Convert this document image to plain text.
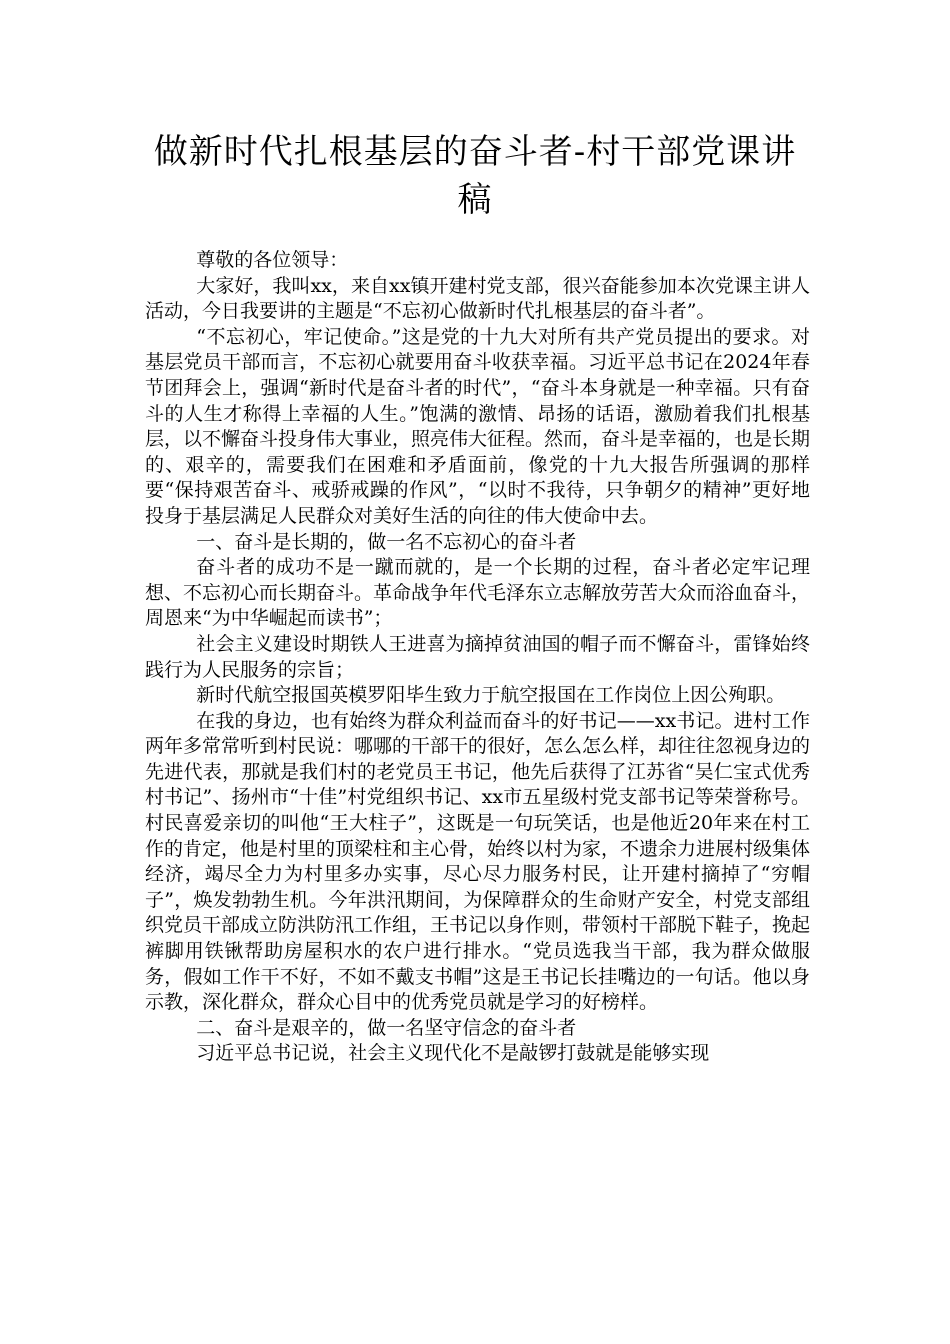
做新时代扎根基层的奋斗者-村干部党课讲稿

尊敬的各位领导：

大家好，我叫xx，来自xx镇开建村党支部，很兴奋能参加本次党课主讲人活动，今日我要讲的主题是“不忘初心做新时代扎根基层的奋斗者”。

“不忘初心，牢记使命。”这是党的十九大对所有共产党员提出的要求。对基层党员干部而言，不忘初心就要用奋斗收获幸福。习近平总书记在2024年春节团拜会上，强调“新时代是奋斗者的时代”，“奋斗本身就是一种幸福。只有奋斗的人生才称得上幸福的人生。”饱满的激情、昂扬的话语，激励着我们扎根基层，以不懈奋斗投身伟大事业，照亮伟大征程。然而，奋斗是幸福的，也是长期的、艰辛的，需要我们在困难和矛盾面前，像党的十九大报告所强调的那样要“保持艰苦奋斗、戒骄戒躁的作风”，“以时不我待，只争朝夕的精神”更好地投身于基层满足人民群众对美好生活的向往的伟大使命中去。

一、奋斗是长期的，做一名不忘初心的奋斗者

奋斗者的成功不是一蹴而就的，是一个长期的过程，奋斗者必定牢记理想、不忘初心而长期奋斗。革命战争年代毛泽东立志解放劳苦大众而浴血奋斗，周恩来“为中华崛起而读书”；

社会主义建设时期铁人王进喜为摘掉贫油国的帽子而不懈奋斗，雷锋始终践行为人民服务的宗旨；

新时代航空报国英模罗阳毕生致力于航空报国在工作岗位上因公殉职。

在我的身边，也有始终为群众利益而奋斗的好书记——xx书记。进村工作两年多常常听到村民说：哪哪的干部干的很好，怎么怎么样，却往往忽视身边的先进代表，那就是我们村的老党员王书记，他先后获得了江苏省“吴仁宝式优秀村书记”、扬州市“十佳”村党组织书记、xx市五星级村党支部书记等荣誉称号。村民喜爱亲切的叫他“王大柱子”，这既是一句玩笑话，也是他近20年来在村工作的肯定，他是村里的顶梁柱和主心骨，始终以村为家，不遗余力进展村级集体经济，竭尽全力为村里多办实事，尽心尽力服务村民，让开建村摘掉了“穷帽子”，焕发勃勃生机。今年洪汛期间，为保障群众的生命财产安全，村党支部组织党员干部成立防洪防汛工作组，王书记以身作则，带领村干部脱下鞋子，挽起裤脚用铁锹帮助房屋积水的农户进行排水。“党员选我当干部，我为群众做服务，假如工作干不好，不如不戴支书帽”这是王书记长挂嘴边的一句话。他以身示教，深化群众，群众心目中的优秀党员就是学习的好榜样。

二、奋斗是艰辛的，做一名坚守信念的奋斗者

习近平总书记说，社会主义现代化不是敲锣打鼓就是能够实现
